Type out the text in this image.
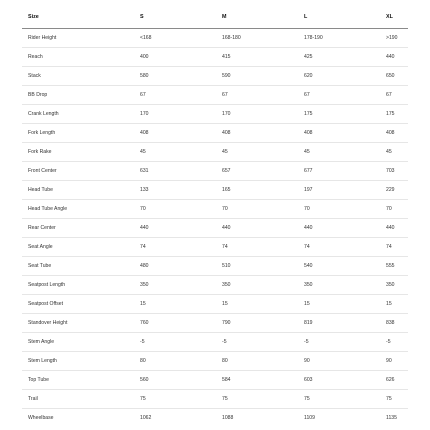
Size	S	M	L	XL
Rider Height	<168	168-180	178-190	>190
Reach	400	415	425	440
Stack	580	590	620	650
BB Drop	67	67	67	67
Crank Length	170	170	175	175
Fork Length	408	408	408	408
Fork Rake	45	45	45	45
Front Center	631	657	677	703
Head Tube	133	165	197	229
Head Tube Angle	70	70	70	70
Rear Center	440	440	440	440
Seat Angle	74	74	74	74
Seat Tube	480	510	540	555
Seatpost Length	350	350	350	350
Seatpost Offset	15	15	15	15
Standover Height	760	790	819	838
Stem Angle	-5	-5	-5	-5
Stem Length	80	80	90	90
Top Tube	560	584	603	626
Trail	75	75	75	75
Wheelbase	1062	1088	1109	1135
